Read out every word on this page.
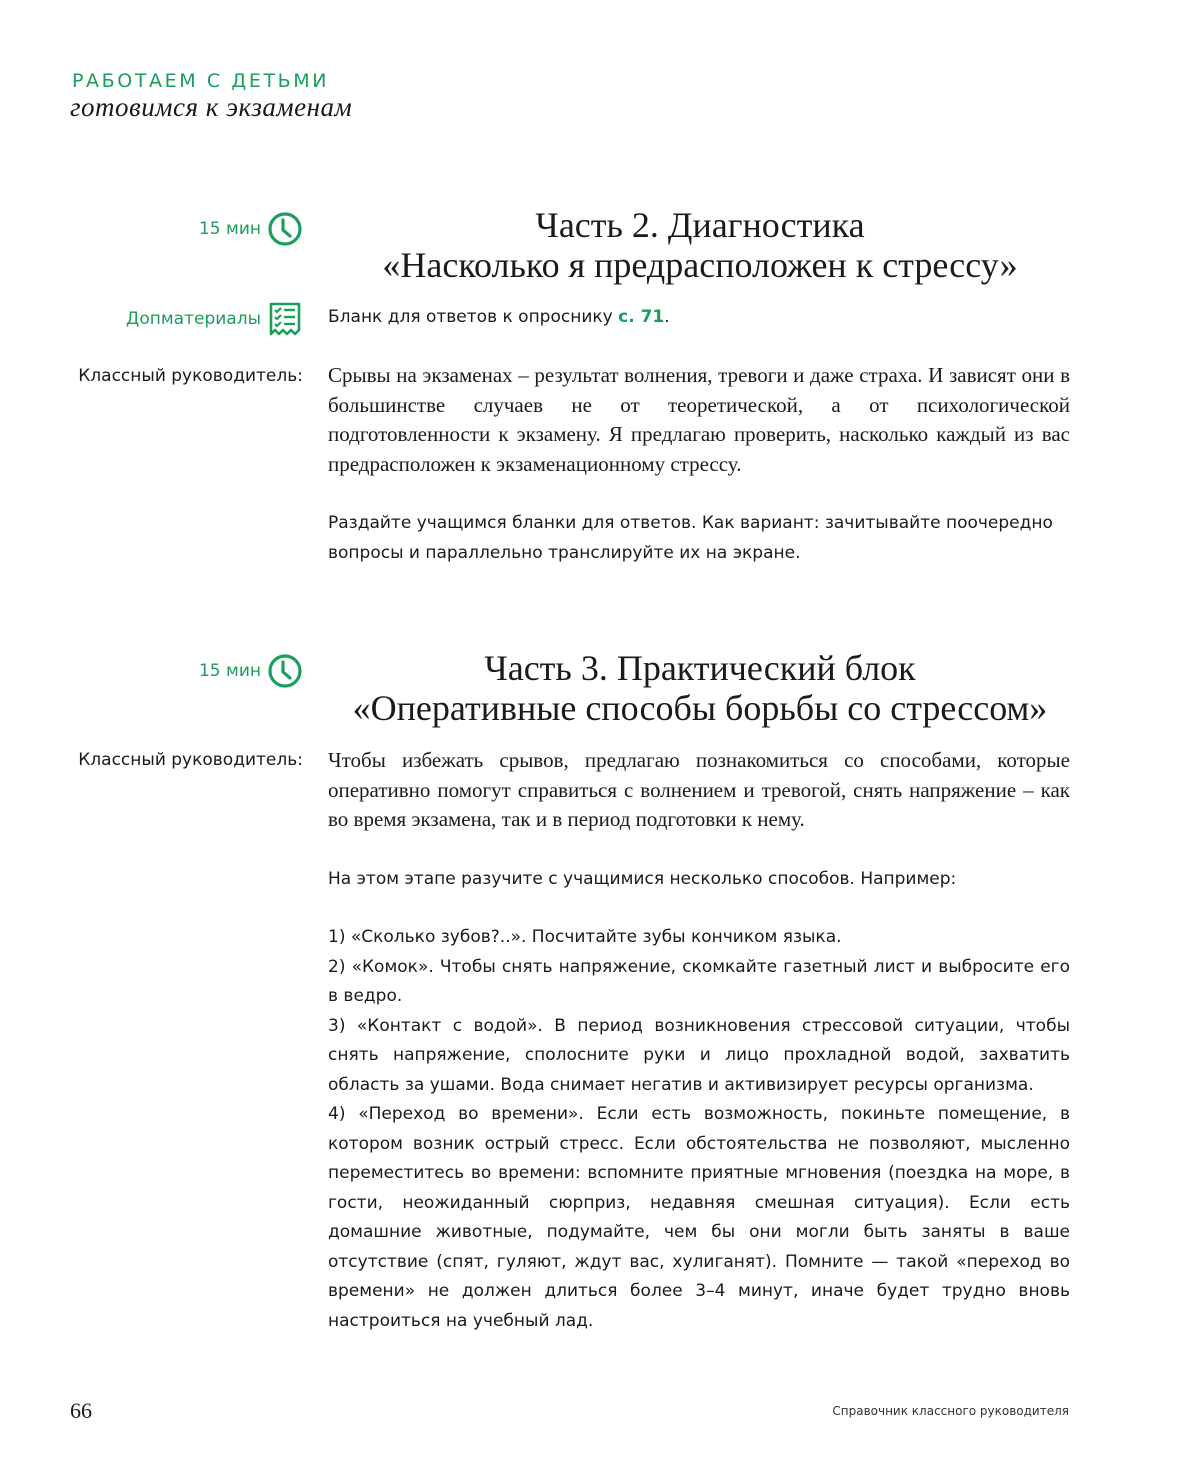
РАБОТАЕМ С ДЕТЬМИ
готовимся к экзаменам
15 мин	Часть 2. Диагностика
«Насколько я предрасположен к стрессу»
Допматериалы	Бланк для ответов к опроснику с. 71.
Классный руководитель: Срывы на экзаменах – результат волнения, тревоги и даже страха. И зависят они в большинстве случаев не от теоретической, а от психологической подготовленности к экзамену. Я предлагаю проверить, насколько каждый из вас предрасположен к экзаменационному стрессу.

Раздайте учащимся бланки для ответов. Как вариант: зачитывайте поочередно вопросы и параллельно транслируйте их на экране.

15 мин	Часть 3. Практический блок
«Оперативные способы борьбы со стрессом»
Классный руководитель: Чтобы избежать срывов, предлагаю познакомиться со способами, которые оперативно помогут справиться с волнением и тревогой, снять напряжение – как во время экзамена, так и в период подготовки к нему.

На этом этапе разучите с учащимися несколько способов. Например:

1) «Сколько зубов?..». Посчитайте зубы кончиком языка.

2) «Комок». Чтобы снять напряжение, скомкайте газетный лист и выбросите его в ведро.

3) «Контакт с водой». В период возникновения стрессовой ситуации, чтобы снять напряжение, сполосните руки и лицо прохладной водой, захватить область за ушами. Вода снимает негатив и активизирует ресурсы организма.

4) «Переход во времени». Если есть возможность, покиньте помещение, в котором возник острый стресс. Если обстоятельства не позволяют, мысленно переместитесь во времени: вспомните приятные мгновения (поездка на море, в гости, неожиданный сюрприз, недавняя смешная ситуация). Если есть домашние животные, подумайте, чем бы они могли быть заняты в ваше отсутствие (спят, гуляют, ждут вас, хулиганят). Помните — такой «переход во времени» не должен длиться более 3–4 минут, иначе будет трудно вновь настроиться на учебный лад.

66	Справочник классного руководителя
